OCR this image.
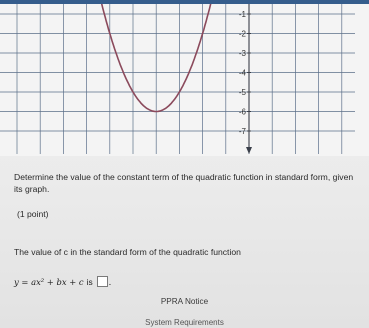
-1
-2
-3
-4
-5
-6
-7

Determine the value of the constant term of the quadratic function in standard form, given its graph.

(1 point)
The value of c in the standard form of the quadratic function
y = ax² + bx + c is .
PPRA Notice
System Requirements
